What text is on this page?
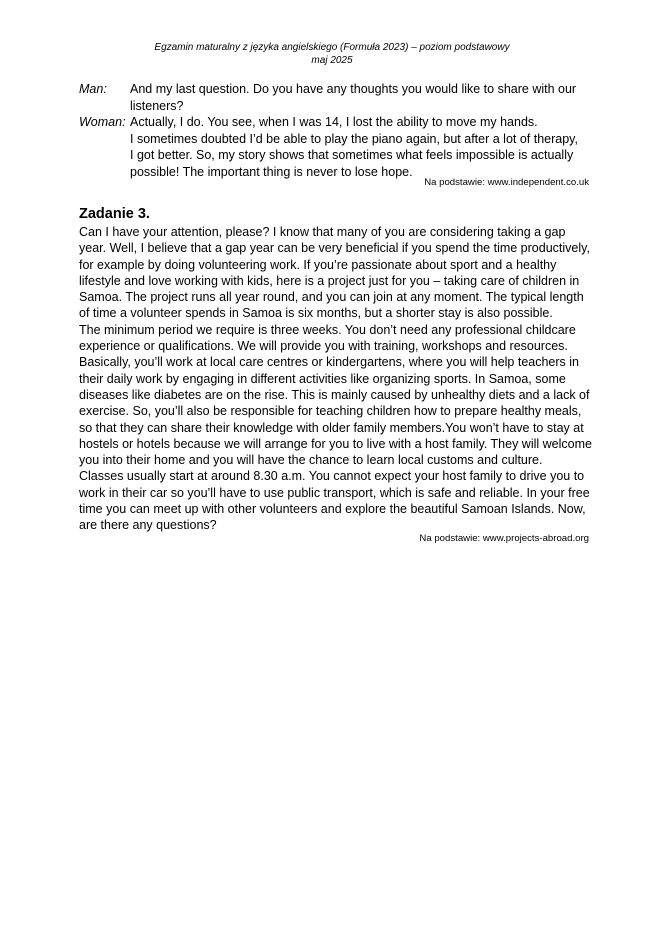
Egzamin maturalny z języka angielskiego (Formuła 2023) – poziom podstawowy
maj 2025
Man:	And my last question. Do you have any thoughts you would like to share with our
listeners?
Woman: Actually, I do. You see, when I was 14, I lost the ability to move my hands.
I sometimes doubted I’d be able to play the piano again, but after a lot of therapy,
I got better. So, my story shows that sometimes what feels impossible is actually
possible! The important thing is never to lose hope.
Na podstawie: www.independent.co.uk
Zadanie 3.
Can I have your attention, please? I know that many of you are considering taking a gap
year. Well, I believe that a gap year can be very beneficial if you spend the time productively,
for example by doing volunteering work. If you’re passionate about sport and a healthy
lifestyle and love working with kids, here is a project just for you – taking care of children in
Samoa. The project runs all year round, and you can join at any moment. The typical length
of time a volunteer spends in Samoa is six months, but a shorter stay is also possible.
The minimum period we require is three weeks. You don’t need any professional childcare
experience or qualifications. We will provide you with training, workshops and resources.
Basically, you’ll work at local care centres or kindergartens, where you will help teachers in
their daily work by engaging in different activities like organizing sports. In Samoa, some
diseases like diabetes are on the rise. This is mainly caused by unhealthy diets and a lack of
exercise. So, you’ll also be responsible for teaching children how to prepare healthy meals,
so that they can share their knowledge with older family members.You won’t have to stay at
hostels or hotels because we will arrange for you to live with a host family. They will welcome
you into their home and you will have the chance to learn local customs and culture.
Classes usually start at around 8.30 a.m. You cannot expect your host family to drive you to
work in their car so you’ll have to use public transport, which is safe and reliable. In your free
time you can meet up with other volunteers and explore the beautiful Samoan Islands. Now,
are there any questions?
Na podstawie: www.projects-abroad.org
